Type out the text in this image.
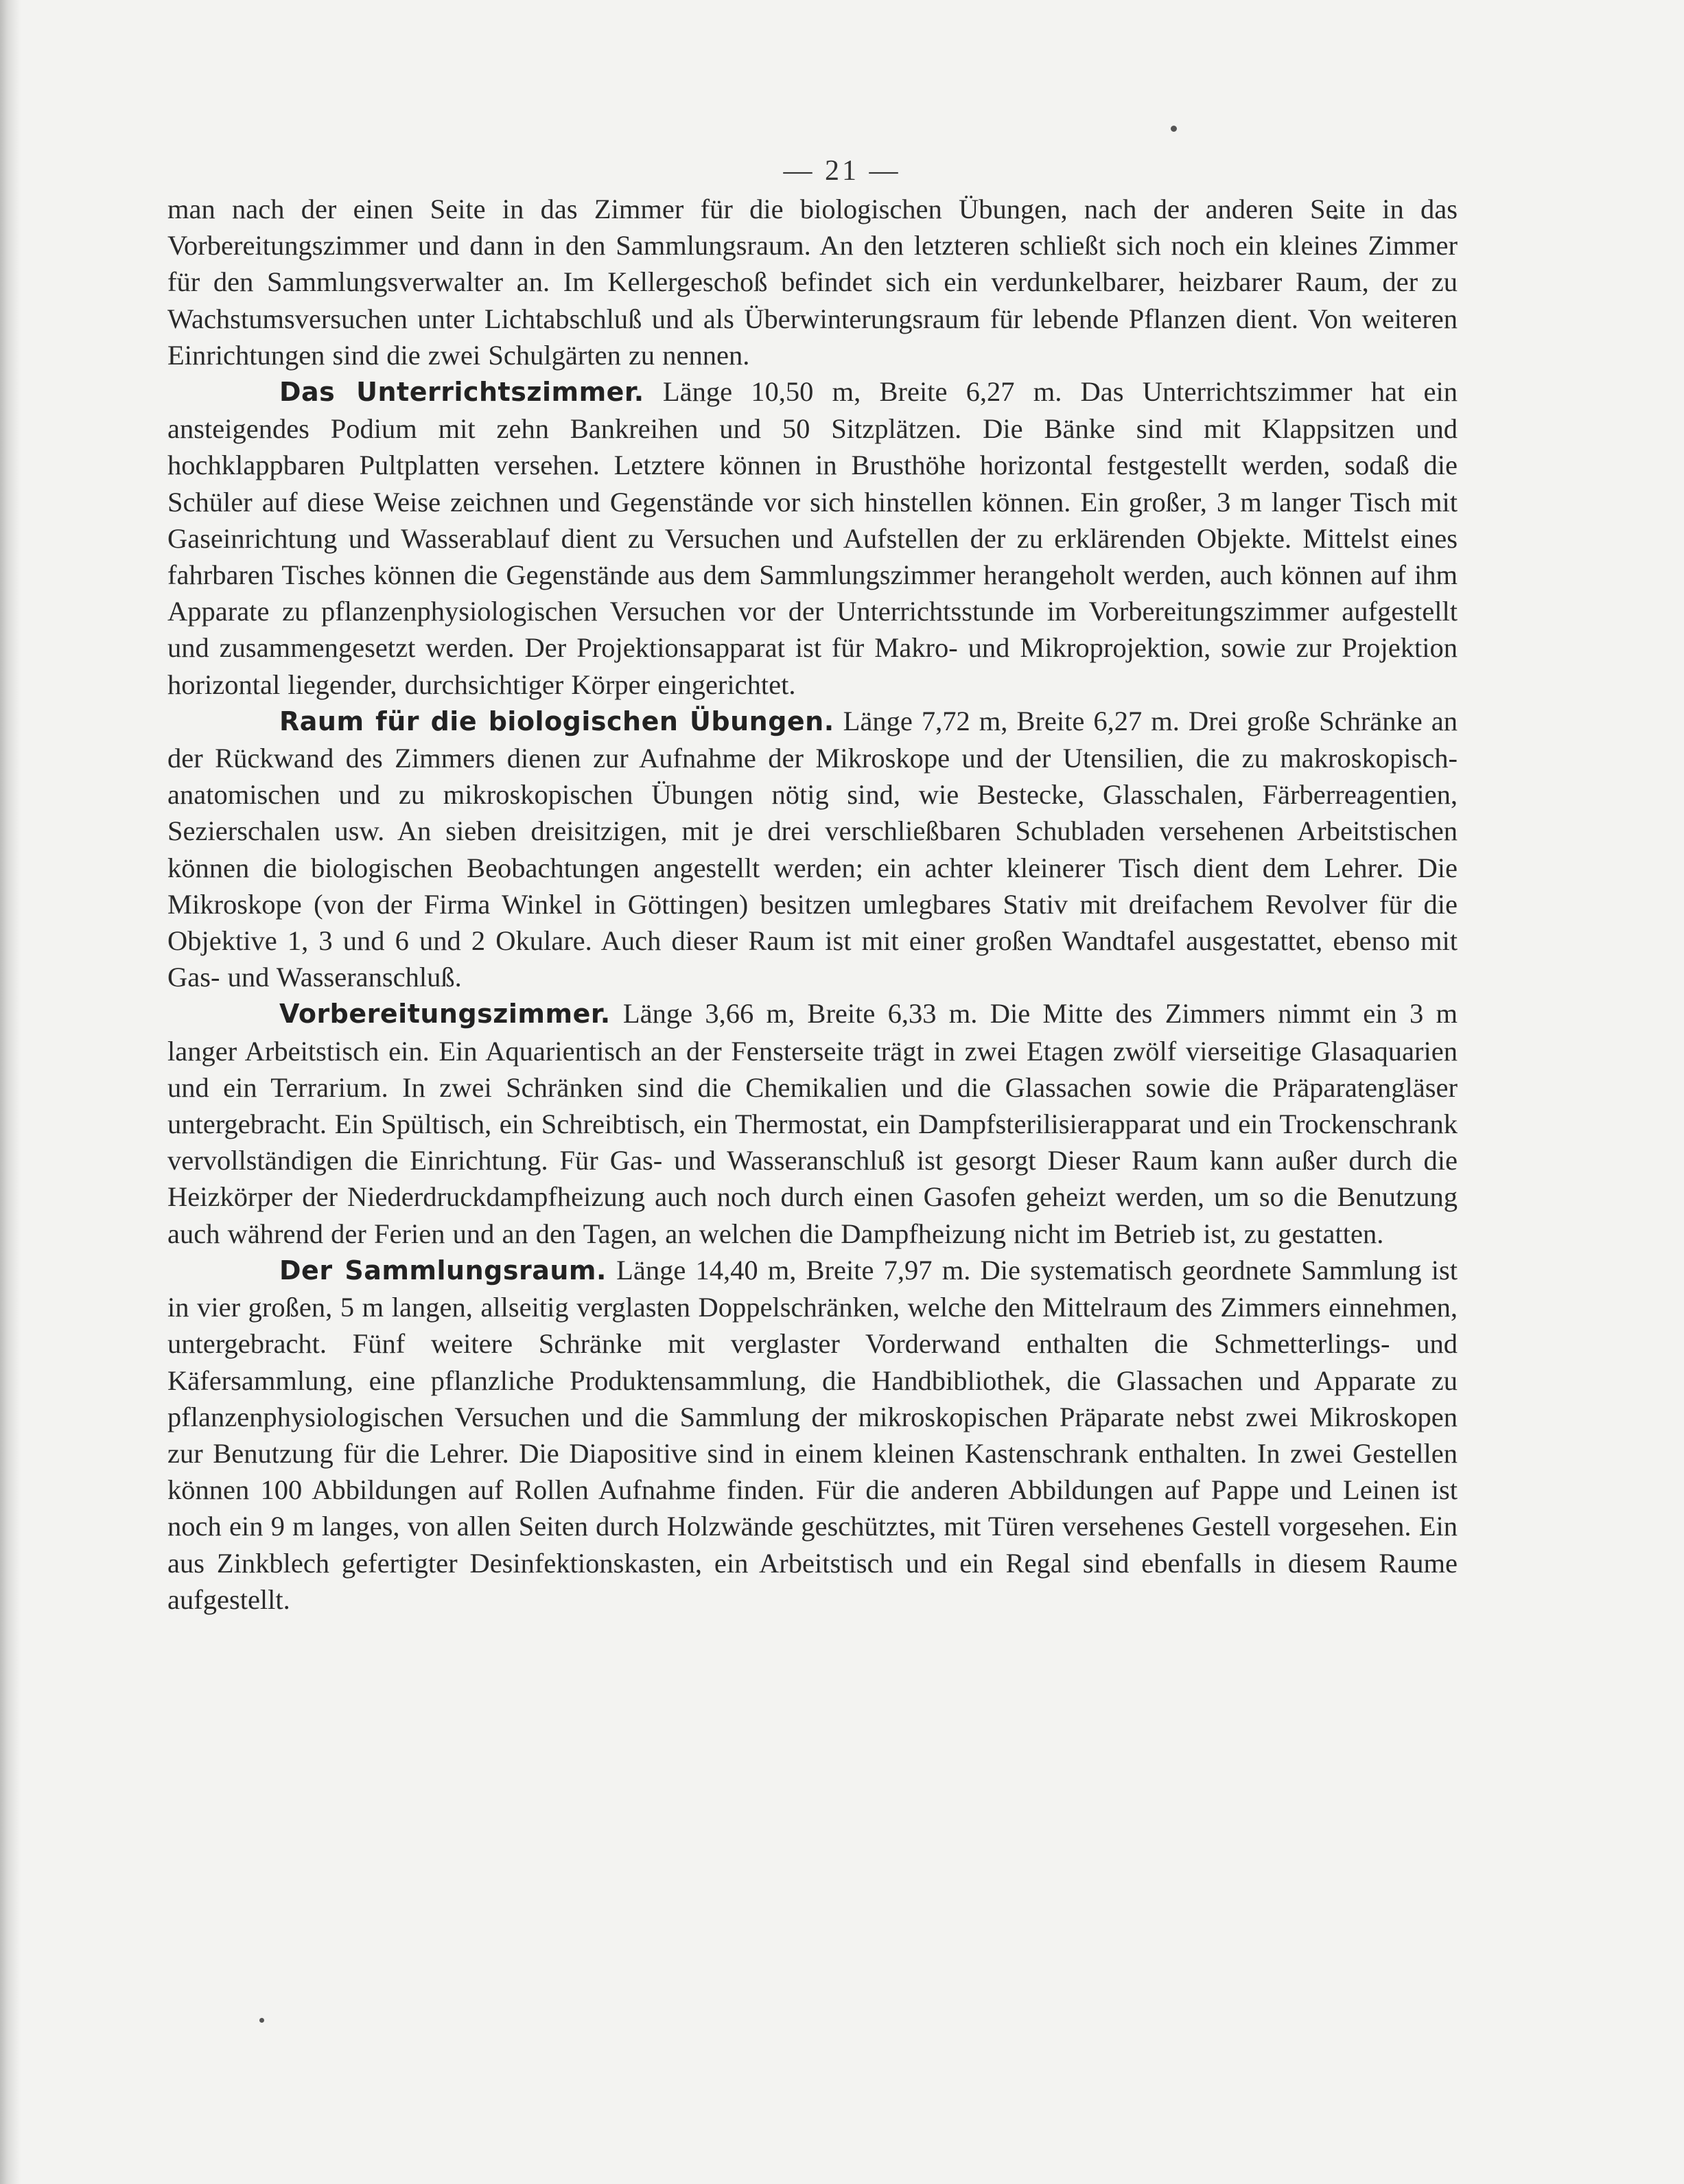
— 21 —

man nach der einen Seite in das Zimmer für die biologischen Übungen, nach der anderen Seite in das Vorbereitungszimmer und dann in den Sammlungsraum. An den letzteren schließt sich noch ein kleines Zimmer für den Sammlungsverwalter an. Im Kellergeschoß befindet sich ein verdunkelbarer, heizbarer Raum, der zu Wachstumsversuchen unter Lichtabschluß und als Überwinterungsraum für lebende Pflanzen dient. Von weiteren Einrichtungen sind die zwei Schulgärten zu nennen.

Das Unterrichtszimmer. Länge 10,50 m, Breite 6,27 m. Das Unterrichtszimmer hat ein ansteigendes Podium mit zehn Bankreihen und 50 Sitzplätzen. Die Bänke sind mit Klappsitzen und hochklappbaren Pultplatten versehen. Letztere können in Brusthöhe horizontal festgestellt werden, sodaß die Schüler auf diese Weise zeichnen und Gegenstände vor sich hinstellen können. Ein großer, 3 m langer Tisch mit Gaseinrichtung und Wasserablauf dient zu Versuchen und Aufstellen der zu erklärenden Objekte. Mittelst eines fahrbaren Tisches können die Gegenstände aus dem Sammlungszimmer herangeholt werden, auch können auf ihm Apparate zu pflanzenphysiologischen Versuchen vor der Unterrichtsstunde im Vorbereitungszimmer aufgestellt und zusammengesetzt werden. Der Projektionsapparat ist für Makro- und Mikroprojektion, sowie zur Projektion horizontal liegender, durchsichtiger Körper eingerichtet.

Raum für die biologischen Übungen. Länge 7,72 m, Breite 6,27 m. Drei große Schränke an der Rückwand des Zimmers dienen zur Aufnahme der Mikroskope und der Utensilien, die zu makroskopisch-anatomischen und zu mikroskopischen Übungen nötig sind, wie Bestecke, Glasschalen, Färberreagentien, Sezierschalen usw. An sieben dreisitzigen, mit je drei verschließbaren Schubladen versehenen Arbeitstischen können die biologischen Beobachtungen angestellt werden; ein achter kleinerer Tisch dient dem Lehrer. Die Mikroskope (von der Firma Winkel in Göttingen) besitzen umlegbares Stativ mit dreifachem Revolver für die Objektive 1, 3 und 6 und 2 Okulare. Auch dieser Raum ist mit einer großen Wandtafel ausgestattet, ebenso mit Gas- und Wasseranschluß.

Vorbereitungszimmer. Länge 3,66 m, Breite 6,33 m. Die Mitte des Zimmers nimmt ein 3 m langer Arbeitstisch ein. Ein Aquarientisch an der Fensterseite trägt in zwei Etagen zwölf vierseitige Glasaquarien und ein Terrarium. In zwei Schränken sind die Chemikalien und die Glassachen sowie die Präparatengläser untergebracht. Ein Spültisch, ein Schreibtisch, ein Thermostat, ein Dampfsterilisierapparat und ein Trockenschrank vervollständigen die Einrichtung. Für Gas- und Wasseranschluß ist gesorgt Dieser Raum kann außer durch die Heizkörper der Niederdruckdampfheizung auch noch durch einen Gasofen geheizt werden, um so die Benutzung auch während der Ferien und an den Tagen, an welchen die Dampfheizung nicht im Betrieb ist, zu gestatten.

Der Sammlungsraum. Länge 14,40 m, Breite 7,97 m. Die systematisch geordnete Sammlung ist in vier großen, 5 m langen, allseitig verglasten Doppelschränken, welche den Mittelraum des Zimmers einnehmen, untergebracht. Fünf weitere Schränke mit verglaster Vorderwand enthalten die Schmetterlings- und Käfersammlung, eine pflanzliche Produktensammlung, die Handbibliothek, die Glassachen und Apparate zu pflanzenphysiologischen Versuchen und die Sammlung der mikroskopischen Präparate nebst zwei Mikroskopen zur Benutzung für die Lehrer. Die Diapositive sind in einem kleinen Kastenschrank enthalten. In zwei Gestellen können 100 Abbildungen auf Rollen Aufnahme finden. Für die anderen Abbildungen auf Pappe und Leinen ist noch ein 9 m langes, von allen Seiten durch Holzwände geschütztes, mit Türen versehenes Gestell vorgesehen. Ein aus Zinkblech gefertigter Desinfektionskasten, ein Arbeitstisch und ein Regal sind ebenfalls in diesem Raume aufgestellt.
